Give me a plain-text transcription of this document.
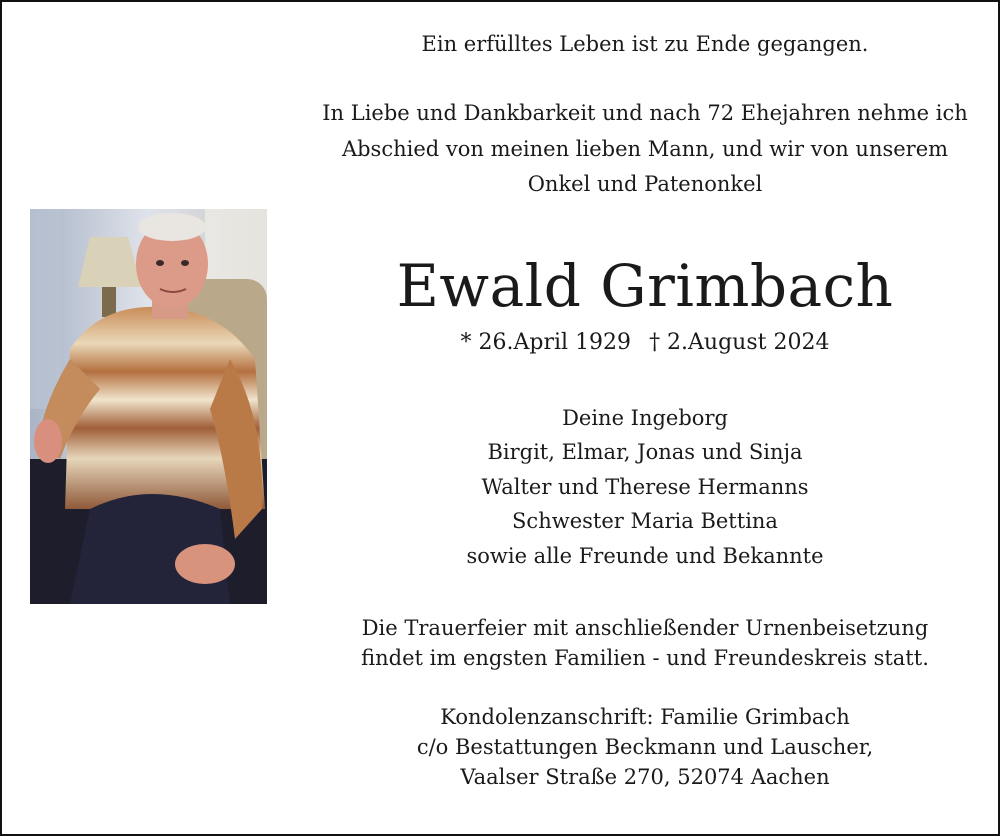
Ein erfülltes Leben ist zu Ende gegangen.
In Liebe und Dankbarkeit und nach 72 Ehejahren nehme ich
Abschied von meinen lieben Mann, und wir von unserem
Onkel und Patenonkel
Ewald Grimbach
* 26.April 1929 † 2.August 2024
Deine Ingeborg
Birgit, Elmar, Jonas und Sinja
Walter und Therese Hermanns
Schwester Maria Bettina
sowie alle Freunde und Bekannte
Die Trauerfeier mit anschließender Urnenbeisetzung
findet im engsten Familien - und Freundeskreis statt.
Kondolenzanschrift: Familie Grimbach
c/o Bestattungen Beckmann und Lauscher,
Vaalser Straße 270, 52074 Aachen
